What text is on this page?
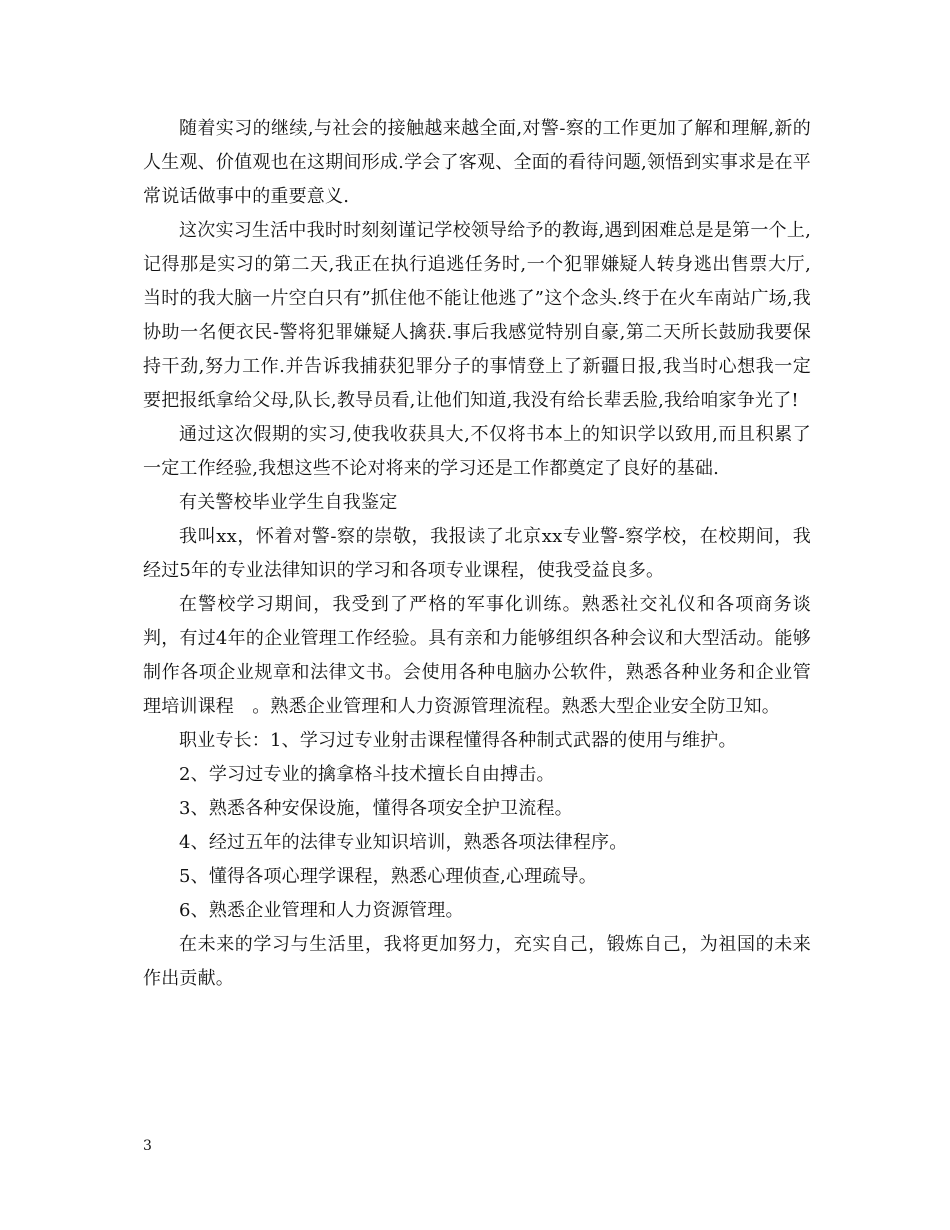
随着实习的继续,与社会的接触越来越全面,对警-察的工作更加了解和理解,新的人生观、价值观也在这期间形成.学会了客观、全面的看待问题,领悟到实事求是在平常说话做事中的重要意义.

这次实习生活中我时时刻刻谨记学校领导给予的教诲,遇到困难总是是第一个上,记得那是实习的第二天,我正在执行追逃任务时,一个犯罪嫌疑人转身逃出售票大厅,当时的我大脑一片空白只有”抓住他不能让他逃了”这个念头.终于在火车南站广场,我协助一名便衣民-警将犯罪嫌疑人擒获.事后我感觉特别自豪,第二天所长鼓励我要保持干劲,努力工作.并告诉我捕获犯罪分子的事情登上了新疆日报,我当时心想我一定要把报纸拿给父母,队长,教导员看,让他们知道,我没有给长辈丢脸,我给咱家争光了!

通过这次假期的实习,使我收获具大,不仅将书本上的知识学以致用,而且积累了一定工作经验,我想这些不论对将来的学习还是工作都奠定了良好的基础.

有关警校毕业学生自我鉴定

我叫xx，怀着对警-察的崇敬，我报读了北京xx专业警-察学校，在校期间，我经过5年的专业法律知识的学习和各项专业课程，使我受益良多。

在警校学习期间，我受到了严格的军事化训练。熟悉社交礼仪和各项商务谈判，有过4年的企业管理工作经验。具有亲和力能够组织各种会议和大型活动。能够制作各项企业规章和法律文书。会使用各种电脑办公软件，熟悉各种业务和企业管理培训课程　。熟悉企业管理和人力资源管理流程。熟悉大型企业安全防卫知。

职业专长：1、学习过专业射击课程懂得各种制式武器的使用与维护。

2、学习过专业的擒拿格斗技术擅长自由搏击。

3、熟悉各种安保设施，懂得各项安全护卫流程。

4、经过五年的法律专业知识培训，熟悉各项法律程序。

5、懂得各项心理学课程，熟悉心理侦查,心理疏导。

6、熟悉企业管理和人力资源管理。

在未来的学习与生活里，我将更加努力，充实自己，锻炼自己，为祖国的未来作出贡献。

3
